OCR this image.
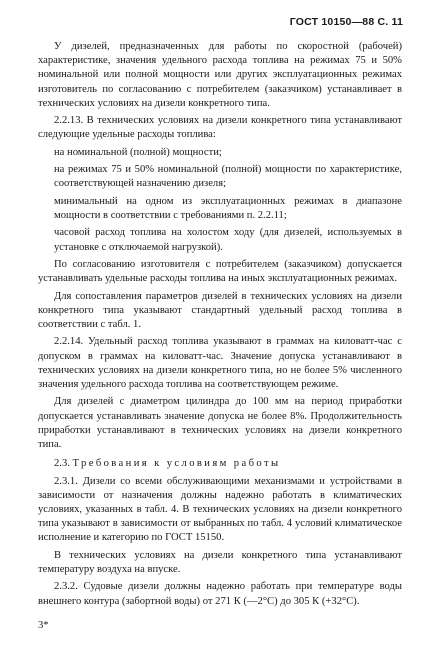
ГОСТ 10150—88 С. 11

У дизелей, предназначенных для работы по скоростной (рабочей) характеристике, значения удельного расхода топлива на режимах 75 и 50% номинальной или полной мощности или других эксплуатационных режимах изготовитель по согласованию с потребителем (заказчиком) устанавливает в технических условиях на дизели конкретного типа.

2.2.13. В технических условиях на дизели конкретного типа устанавливают следующие удельные расходы топлива:

на номинальной (полной) мощности;

на режимах 75 и 50% номинальной (полной) мощности по характеристике, соответствующей назначению дизеля;

минимальный на одном из эксплуатационных режимах в диапазоне мощности в соответствии с требованиями п. 2.2.11;

часовой расход топлива на холостом ходу (для дизелей, используемых в установке с отключаемой нагрузкой).

По согласованию изготовителя с потребителем (заказчиком) допускается устанавливать удельные расходы топлива на иных эксплуатационных режимах.

Для сопоставления параметров дизелей в технических условиях на дизели конкретного типа указывают стандартный удельный расход топлива в соответствии с табл. 1.

2.2.14. Удельный расход топлива указывают в граммах на киловатт-час с допуском в граммах на киловатт-час. Значение допуска устанавливают в технических условиях на дизели конкретного типа, но не более 5% численного значения удельного расхода топлива на соответствующем режиме.

Для дизелей с диаметром цилиндра до 100 мм на период приработки допускается устанавливать значение допуска не более 8%. Продолжительность приработки устанавливают в технических условиях на дизели конкретного типа.

2.3. Требования к условиям работы

2.3.1. Дизели со всеми обслуживающими механизмами и устройствами в зависимости от назначения должны надежно работать в климатических условиях, указанных в табл. 4. В технических условиях на дизели конкретного типа указывают в зависимости от выбранных по табл. 4 условий климатическое исполнение и категорию по ГОСТ 15150.

В технических условиях на дизели конкретного типа устанавливают температуру воздуха на впуске.

2.3.2. Судовые дизели должны надежно работать при температуре воды внешнего контура (забортной воды) от 271 К (—2°С) до 305 К (+32°С).

3*
